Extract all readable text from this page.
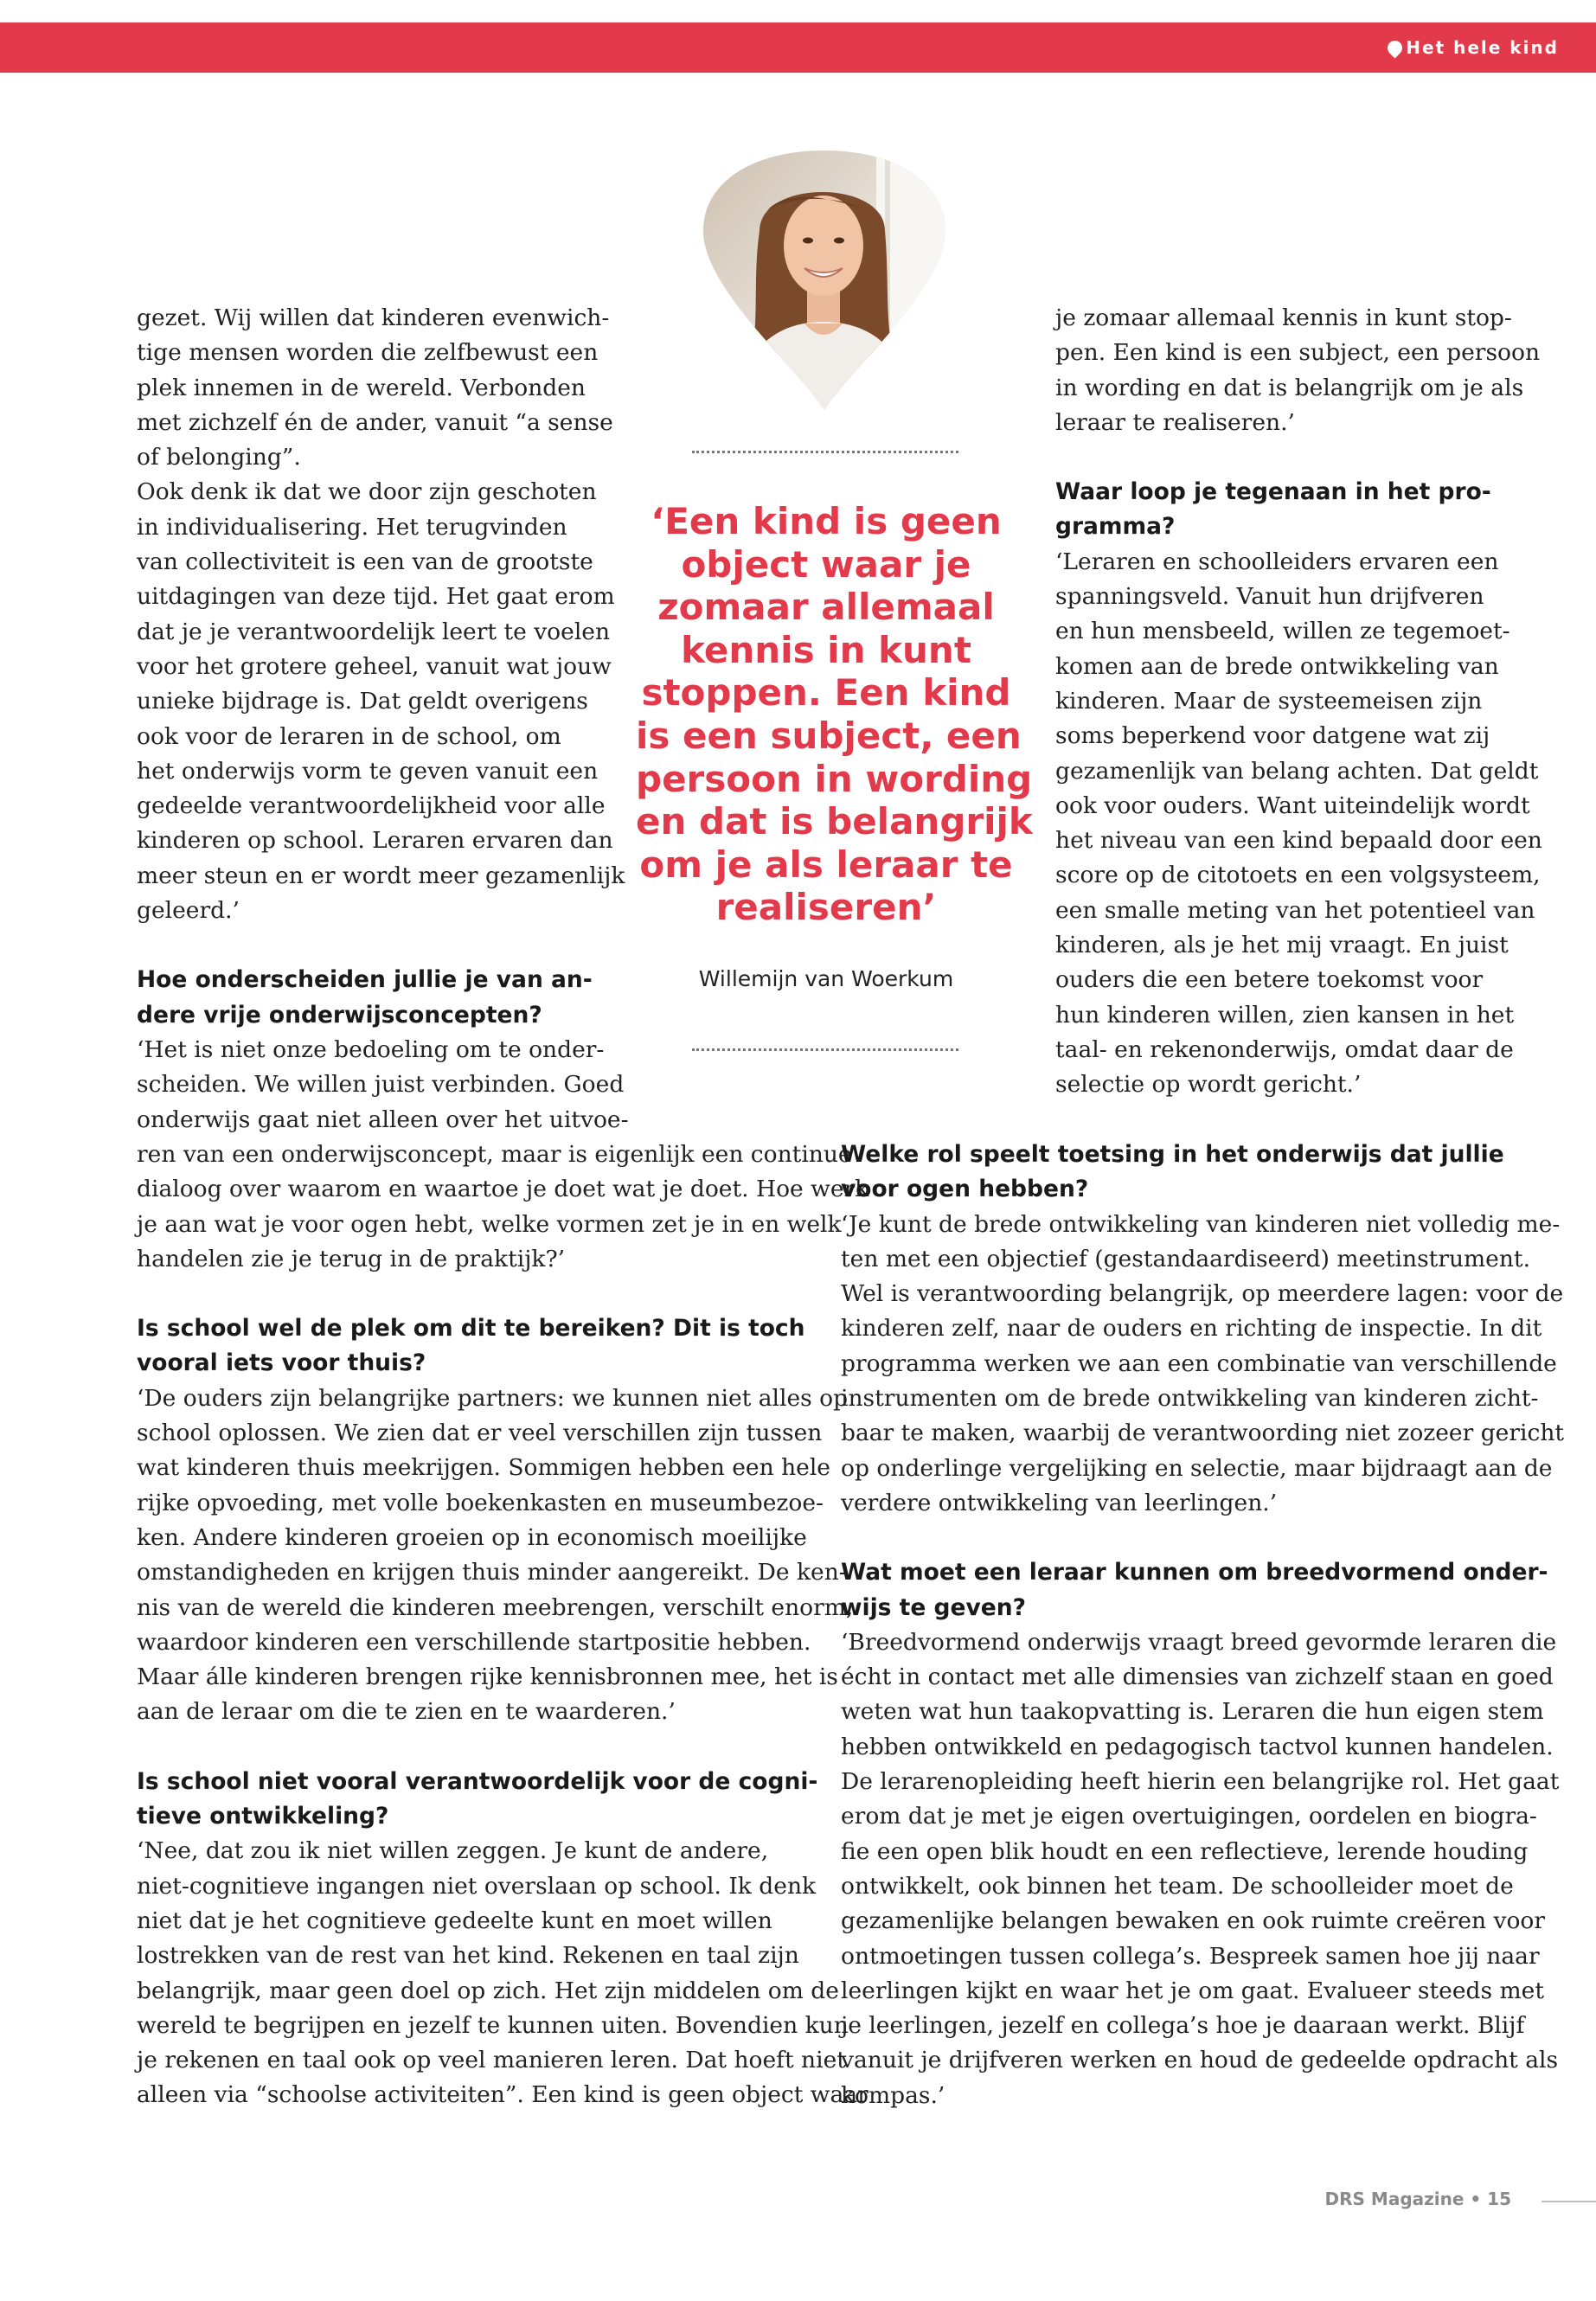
Het hele kind
‘Een kind is geen
object waar je
zomaar allemaal
kennis in kunt
stoppen. Een kind
is een subject, een
persoon in wording
en dat is belangrijk
om je als leraar te
realiseren’
Willemijn van Woerkum
gezet. Wij willen dat kinderen evenwich-
tige mensen worden die zelfbewust een
plek innemen in de wereld. Verbonden
met zichzelf én de ander, vanuit “a sense
of belonging”.
Ook denk ik dat we door zijn geschoten
in individualisering. Het terugvinden
van collectiviteit is een van de grootste
uitdagingen van deze tijd. Het gaat erom
dat je je verantwoordelijk leert te voelen
voor het grotere geheel, vanuit wat jouw
unieke bijdrage is. Dat geldt overigens
ook voor de leraren in de school, om
het onderwijs vorm te geven vanuit een
gedeelde verantwoordelijkheid voor alle
kinderen op school. Leraren ervaren dan
meer steun en er wordt meer gezamenlijk
geleerd.’
Hoe onderscheiden jullie je van an-
dere vrije onderwijsconcepten?
‘Het is niet onze bedoeling om te onder-
scheiden. We willen juist verbinden. Goed
onderwijs gaat niet alleen over het uitvoe-
ren van een onderwijsconcept, maar is eigenlijk een continue
dialoog over waarom en waartoe je doet wat je doet. Hoe werk
je aan wat je voor ogen hebt, welke vormen zet je in en welk
handelen zie je terug in de praktijk?’
Is school wel de plek om dit te bereiken? Dit is toch
vooral iets voor thuis?
‘De ouders zijn belangrijke partners: we kunnen niet alles op
school oplossen. We zien dat er veel verschillen zijn tussen
wat kinderen thuis meekrijgen. Sommigen hebben een hele
rijke opvoeding, met volle boekenkasten en museumbezoe-
ken. Andere kinderen groeien op in economisch moeilijke
omstandigheden en krijgen thuis minder aangereikt. De ken-
nis van de wereld die kinderen meebrengen, verschilt enorm,
waardoor kinderen een verschillende startpositie hebben.
Maar álle kinderen brengen rijke kennisbronnen mee, het is
aan de leraar om die te zien en te waarderen.’
Is school niet vooral verantwoordelijk voor de cogni-
tieve ontwikkeling?
‘Nee, dat zou ik niet willen zeggen. Je kunt de andere,
niet-cognitieve ingangen niet overslaan op school. Ik denk
niet dat je het cognitieve gedeelte kunt en moet willen
lostrekken van de rest van het kind. Rekenen en taal zijn
belangrijk, maar geen doel op zich. Het zijn middelen om de
wereld te begrijpen en jezelf te kunnen uiten. Bovendien kun
je rekenen en taal ook op veel manieren leren. Dat hoeft niet
alleen via “schoolse activiteiten”. Een kind is geen object waar
je zomaar allemaal kennis in kunt stop-
pen. Een kind is een subject, een persoon
in wording en dat is belangrijk om je als
leraar te realiseren.’
Waar loop je tegenaan in het pro-
gramma?
‘Leraren en schoolleiders ervaren een
spanningsveld. Vanuit hun drijfveren
en hun mensbeeld, willen ze tegemoet-
komen aan de brede ontwikkeling van
kinderen. Maar de systeemeisen zijn
soms beperkend voor datgene wat zij
gezamenlijk van belang achten. Dat geldt
ook voor ouders. Want uiteindelijk wordt
het niveau van een kind bepaald door een
score op de citotoets en een volgsysteem,
een smalle meting van het potentieel van
kinderen, als je het mij vraagt. En juist
ouders die een betere toekomst voor
hun kinderen willen, zien kansen in het
taal- en rekenonderwijs, omdat daar de
selectie op wordt gericht.’
Welke rol speelt toetsing in het onderwijs dat jullie
voor ogen hebben?
‘Je kunt de brede ontwikkeling van kinderen niet volledig me-
ten met een objectief (gestandaardiseerd) meetinstrument.
Wel is verantwoording belangrijk, op meerdere lagen: voor de
kinderen zelf, naar de ouders en richting de inspectie. In dit
programma werken we aan een combinatie van verschillende
instrumenten om de brede ontwikkeling van kinderen zicht-
baar te maken, waarbij de verantwoording niet zozeer gericht
op onderlinge vergelijking en selectie, maar bijdraagt aan de
verdere ontwikkeling van leerlingen.’
Wat moet een leraar kunnen om breedvormend onder-
wijs te geven?
‘Breedvormend onderwijs vraagt breed gevormde leraren die
écht in contact met alle dimensies van zichzelf staan en goed
weten wat hun taakopvatting is. Leraren die hun eigen stem
hebben ontwikkeld en pedagogisch tactvol kunnen handelen.
De lerarenopleiding heeft hierin een belangrijke rol. Het gaat
erom dat je met je eigen overtuigingen, oordelen en biogra-
fie een open blik houdt en een reflectieve, lerende houding
ontwikkelt, ook binnen het team. De schoolleider moet de
gezamenlijke belangen bewaken en ook ruimte creëren voor
ontmoetingen tussen collega’s. Bespreek samen hoe jij naar
leerlingen kijkt en waar het je om gaat. Evalueer steeds met
je leerlingen, jezelf en collega’s hoe je daaraan werkt. Blijf
vanuit je drijfveren werken en houd de gedeelde opdracht als
kompas.’
DRS Magazine • 15
